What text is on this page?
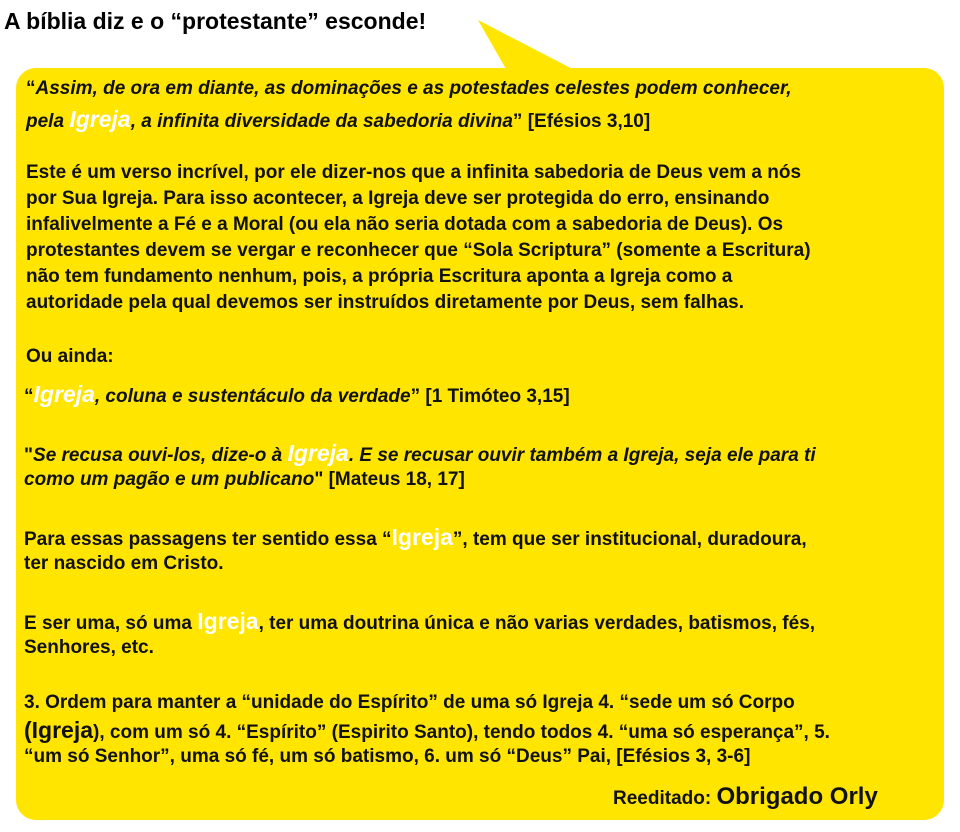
A bíblia diz e o “protestante” esconde!
“Assim, de ora em diante, as dominações e as potestades celestes podem conhecer,
pela Igreja, a infinita diversidade da sabedoria divina” [Efésios 3,10]
Este é um verso incrível, por ele dizer-nos que a infinita sabedoria de Deus vem a nós
por Sua Igreja. Para isso acontecer, a Igreja deve ser protegida do erro, ensinando
infalivelmente a Fé e a Moral (ou ela não seria dotada com a sabedoria de Deus). Os
protestantes devem se vergar e reconhecer que “Sola Scriptura” (somente a Escritura)
não tem fundamento nenhum, pois, a própria Escritura aponta a Igreja como a
autoridade pela qual devemos ser instruídos diretamente por Deus, sem falhas.
Ou ainda:
“Igreja, coluna e sustentáculo da verdade” [1 Timóteo 3,15]
"Se recusa ouvi-los, dize-o à Igreja. E se recusar ouvir também a Igreja, seja ele para ti
como um pagão e um publicano" [Mateus 18, 17]
Para essas passagens ter sentido essa “Igreja”, tem que ser institucional, duradoura,
ter nascido em Cristo.
E ser uma, só uma Igreja, ter uma doutrina única e não varias verdades, batismos, fés,
Senhores, etc.
3. Ordem para manter a “unidade do Espírito” de uma só Igreja 4. “sede um só Corpo
(Igreja), com um só 4. “Espírito” (Espirito Santo), tendo todos 4. “uma só esperança”, 5.
“um só Senhor”, uma só fé, um só batismo, 6. um só “Deus” Pai, [Efésios 3, 3-6]
Reeditado: Obrigado Orly
